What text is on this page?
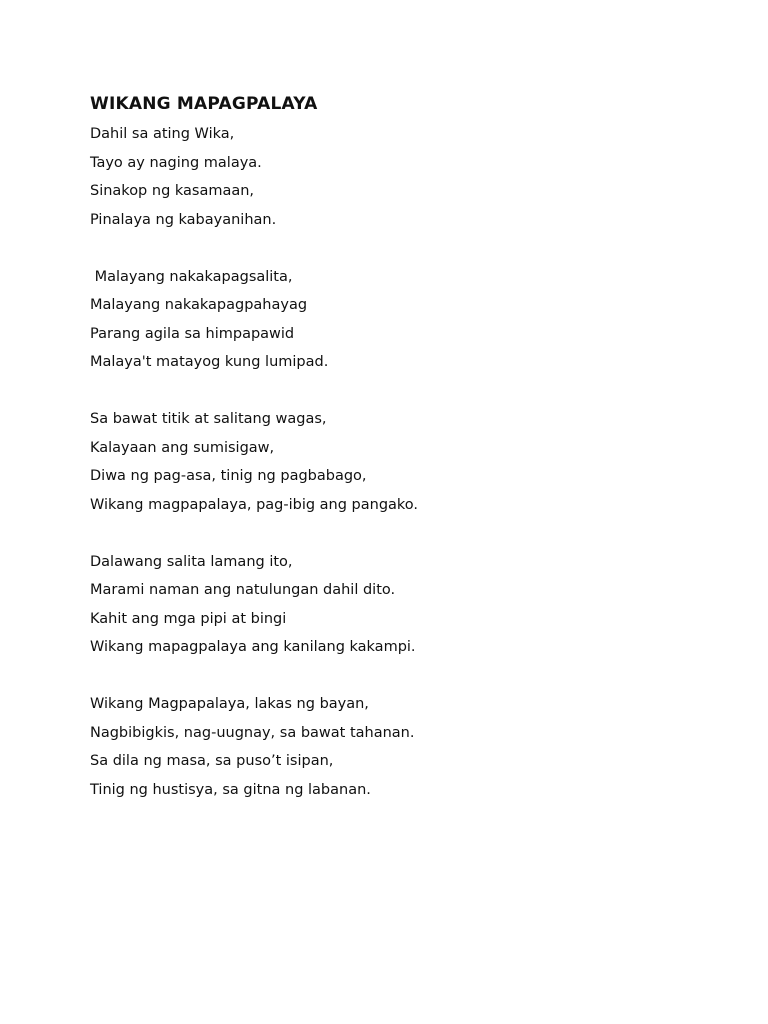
WIKANG MAPAGPALAYA
Dahil sa ating Wika,
Tayo ay naging malaya.
Sinakop ng kasamaan,
Pinalaya ng kabayanihan.
Malayang nakakapagsalita,
Malayang nakakapagpahayag
Parang agila sa himpapawid
Malaya't matayog kung lumipad.
Sa bawat titik at salitang wagas,
Kalayaan ang sumisigaw,
Diwa ng pag-asa, tinig ng pagbabago,
Wikang magpapalaya, pag-ibig ang pangako.
Dalawang salita lamang ito,
Marami naman ang natulungan dahil dito.
Kahit ang mga pipi at bingi
Wikang mapagpalaya ang kanilang kakampi.
Wikang Magpapalaya, lakas ng bayan,
Nagbibigkis, nag-uugnay, sa bawat tahanan.
Sa dila ng masa, sa puso’t isipan,
Tinig ng hustisya, sa gitna ng labanan.
